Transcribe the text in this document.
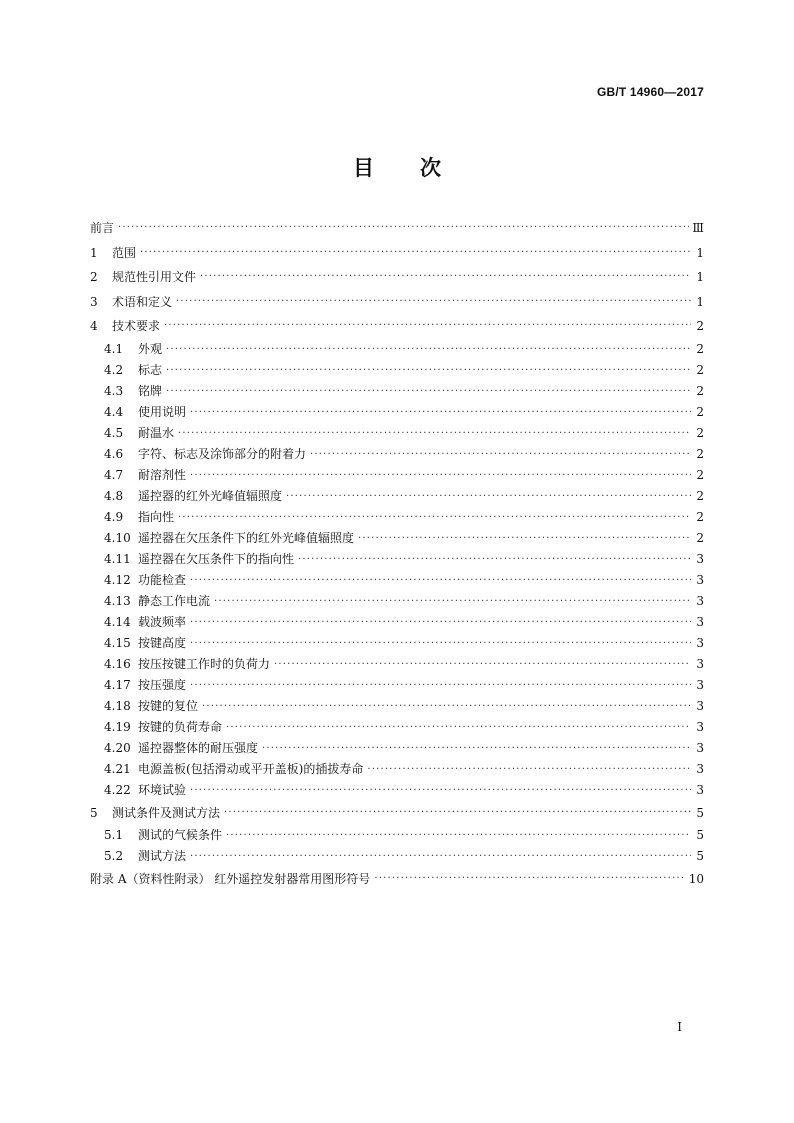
GB/T 14960—2017
目 次
前言 ·····	Ⅲ
1	范围 ·····	1
2	规范性引用文件 ·····	1
3	术语和定义 ·····	1
4	技术要求 ·····	2
4.1	外观 ·····	2
4.2	标志 ·····	2
4.3	铭牌 ·····	2
4.4	使用说明 ·····	2
4.5	耐温水 ·····	2
4.6	字符、标志及涂饰部分的附着力 ·····	2
4.7	耐溶剂性 ·····	2
4.8	遥控器的红外光峰值辐照度 ·····	2
4.9	指向性 ·····	2
4.10 遥控器在欠压条件下的红外光峰值辐照度 ·····	2
4.11 遥控器在欠压条件下的指向性 ·····	3
4.12 功能检查 ·····	3
4.13 静态工作电流 ·····	3
4.14 载波频率 ·····	3
4.15 按键高度 ·····	3
4.16 按压按键工作时的负荷力 ·····	3
4.17 按压强度 ·····	3
4.18 按键的复位 ·····	3
4.19 按键的负荷寿命 ·····	3
4.20 遥控器整体的耐压强度 ·····	3
4.21 电源盖板(包括滑动或平开盖板)的插拔寿命 ·····	3
4.22 环境试验 ·····	3
5	测试条件及测试方法 ·····	5
5.1	测试的气候条件 ·····	5
5.2	测试方法 ·····	5
附录 A（资料性附录） 红外遥控发射器常用图形符号 ·····	10
I
